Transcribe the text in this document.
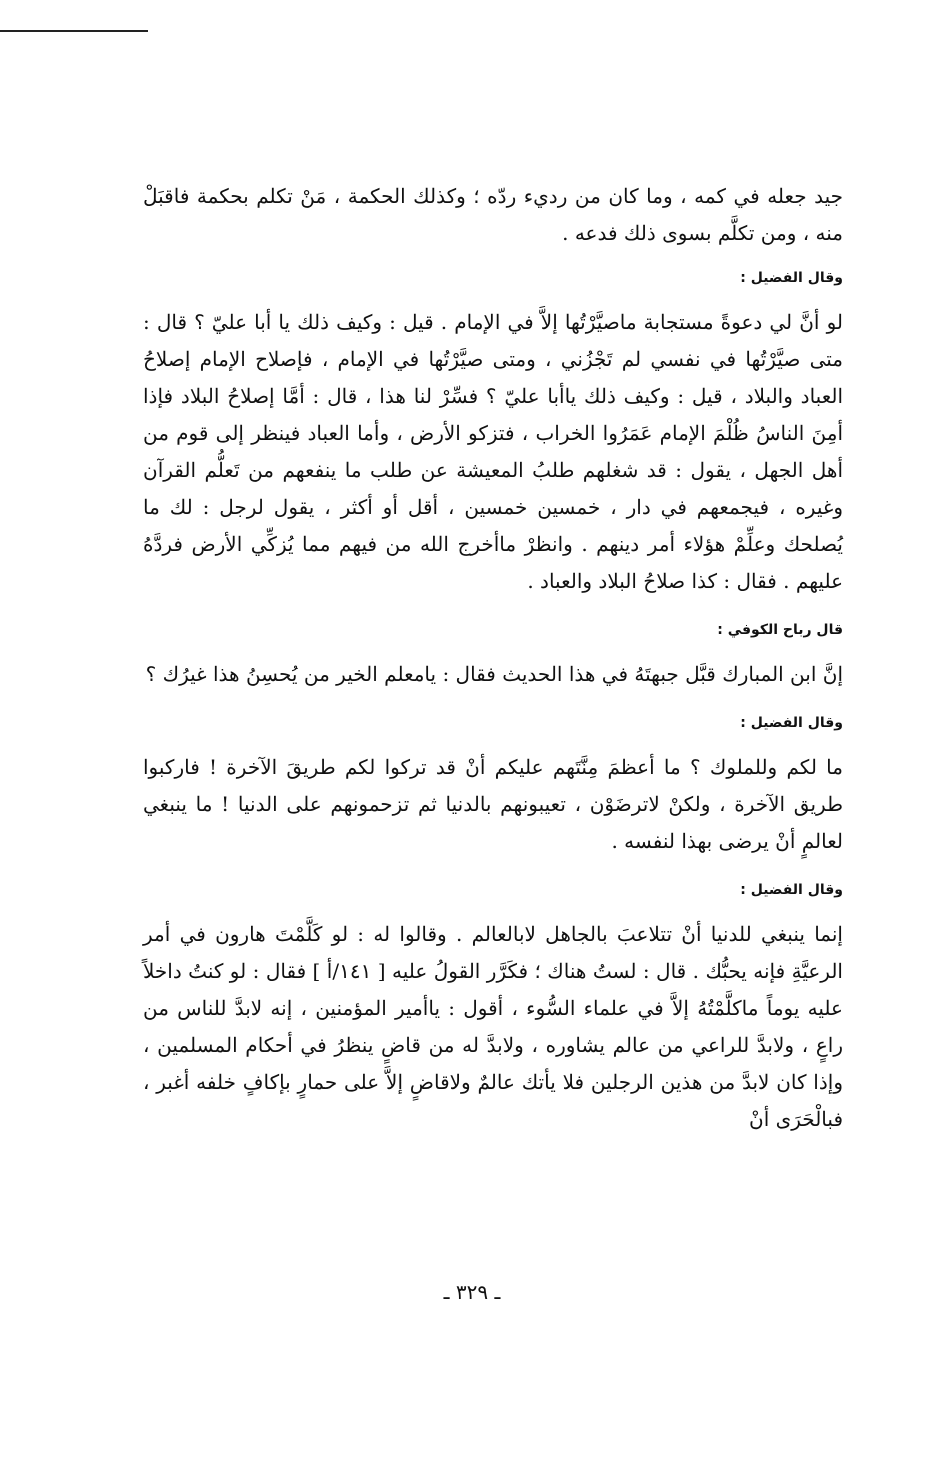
جيد جعله في كمه ، وما كان من رديء ردّه ؛ وكذلك الحكمة ، مَنْ تكلم بحكمة فاقبَلْ منه ، ومن تكلَّم بسوى ذلك فدعه .

وقال الفضيل :

لو أنَّ لي دعوةً مستجابة ماصيَّرْتُها إلاَّ في الإمام . قيل : وكيف ذلك يا أبا عليّ ؟ قال : متى صيَّرْتُها في نفسي لم تَجْزُني ، ومتى صيَّرْتُها في الإمام ، فإصلاح الإمام إصلاحُ العباد والبلاد ، قيل : وكيف ذلك ياأبا عليّ ؟ فسِّرْ لنا هذا ، قال : أمَّا إصلاحُ البلاد فإذا أمِنَ الناسُ ظُلْمَ الإمام عَمَرُوا الخراب ، فتزكو الأرض ، وأما العباد فينظر إلى قوم من أهل الجهل ، يقول : قد شغلهم طلبُ المعيشة عن طلب ما ينفعهم من تَعلُّم القرآن وغيره ، فيجمعهم في دار ، خمسين خمسين ، أقل أو أكثر ، يقول لرجل : لك ما يُصلحك وعلِّمْ هؤلاء أمر دينهم . وانظرْ ماأخرج الله من فيهم مما يُزكِّي الأرض فردَّهُ عليهم . فقال : كذا صلاحُ البلاد والعباد .

قال رباح الكوفي :

إنَّ ابن المبارك قبَّل جبهتَهُ في هذا الحديث فقال : يامعلم الخير من يُحسِنُ هذا غيرُك ؟

وقال الفضيل :

ما لكم وللملوك ؟ ما أعظمَ مِنَّتَهم عليكم أنْ قد تركوا لكم طريقَ الآخرة ! فاركبوا طريق الآخرة ، ولكنْ لاترضَوْن ، تعيبونهم بالدنيا ثم تزحمونهم على الدنيا ! ما ينبغي لعالمٍ أنْ يرضى بهذا لنفسه .

وقال الفضيل :

إنما ينبغي للدنيا أنْ تتلاعبَ بالجاهل لابالعالم . وقالوا له : لو كَلَّمْتَ هارون في أمر الرعيَّةِ فإنه يحبُّك . قال : لستُ هناك ؛ فكَرَّر القولُ عليه [ ١٤١/أ ] فقال : لو كنتُ داخلاً عليه يوماً ماكلَّمْتُهُ إلاَّ في علماء السُّوء ، أقول : ياأمير المؤمنين ، إنه لابدَّ للناس من راعٍ ، ولابدَّ للراعي من عالم يشاوره ، ولابدَّ له من قاضٍ ينظرُ في أحكام المسلمين ، وإذا كان لابدَّ من هذين الرجلين فلا يأتك عالمٌ ولاقاضٍ إلاَّ على حمارٍ بإكافٍ خلفه أغبر ، فبالْحَرَى أنْ

ـ ٣٢٩ ـ
